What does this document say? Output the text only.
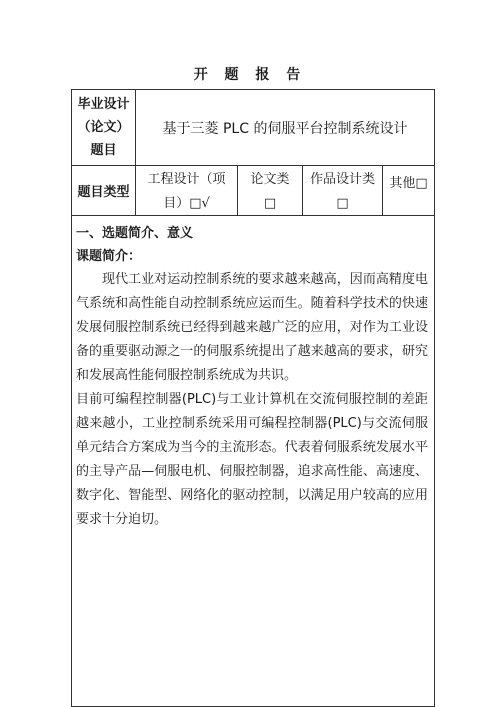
开 题 报 告
毕业设计
（论文）
题目
基于三菱 PLC 的伺服平台控制系统设计
题目类型
工程设计（项
目）□√
论文类
□
作品设计类
□
其他□
一、选题简介、意义
课题简介：

现代工业对运动控制系统的要求越来越高，因而高精度电气系统和高性能自动控制系统应运而生。随着科学技术的快速发展伺服控制系统已经得到越来越广泛的应用，对作为工业设备的重要驱动源之一的伺服系统提出了越来越高的要求，研究和发展高性能伺服控制系统成为共识。

目前可编程控制器(PLC)与工业计算机在交流伺服控制的差距越来越小，工业控制系统采用可编程控制器(PLC)与交流伺服单元结合方案成为当今的主流形态。代表着伺服系统发展水平的主导产品—伺服电机、伺服控制器，追求高性能、高速度、数字化、智能型、网络化的驱动控制，以满足用户较高的应用要求十分迫切。
